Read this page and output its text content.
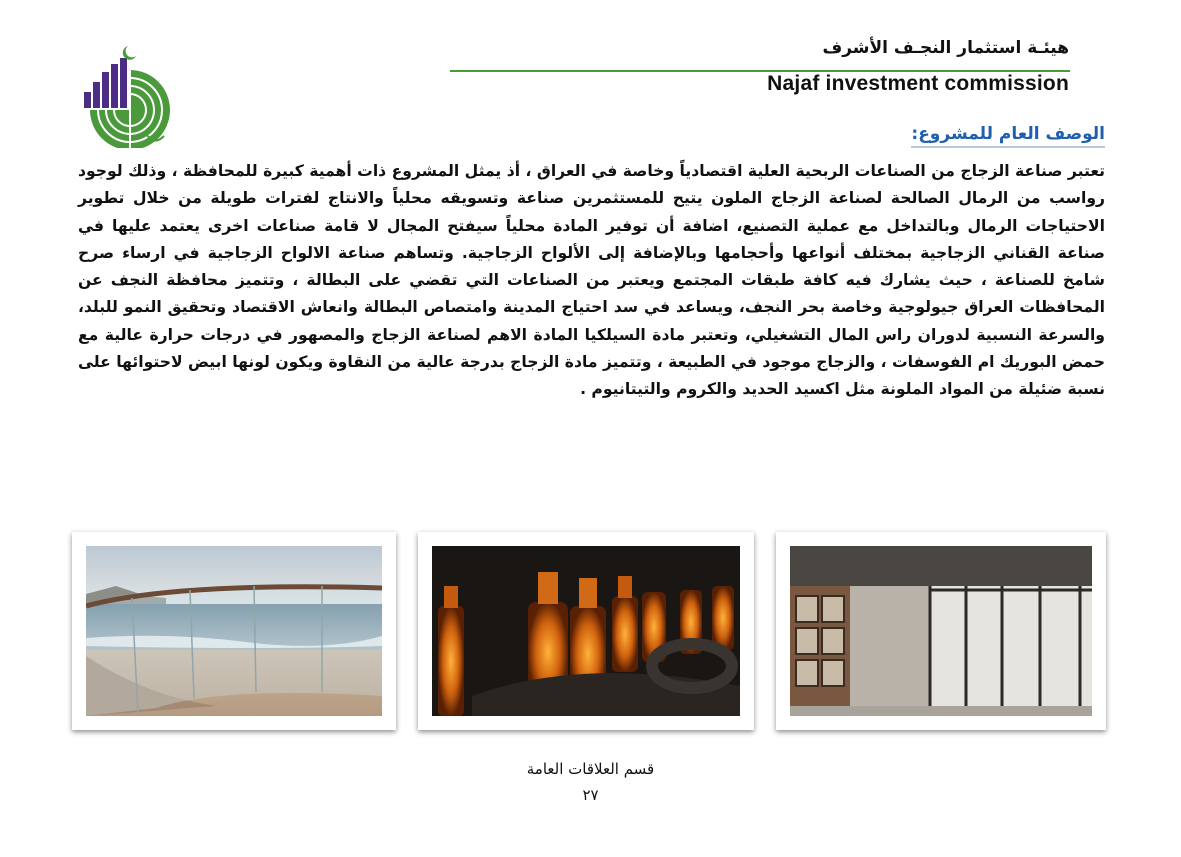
هيئـة استثمار النجـف الأشرف
Najaf investment commission
الوصف العام للمشروع:
تعتبر صناعة الزجاج من الصناعات الربحية العلية اقتصادياً وخاصة في العراق ، أذ يمثل المشروع ذات أهمية كبيرة للمحافظة ، وذلك لوجود رواسب من الرمال الصالحة لصناعة الزجاج الملون يتيح للمستثمرين صناعة وتسويقه محلياً والانتاج لفترات طويلة من خلال تطوير الاحتياجات الرمال وبالتداخل مع عملية التصنيع، اضافة أن توفير المادة محلياً سيفتح المجال لا قامة صناعات اخرى يعتمد عليها في صناعة القناني الزجاجية بمختلف أنواعها وأحجامها وبالإضافة إلى الألواح الزجاجية. وتساهم صناعة الالواح الزجاجية في ارساء صرح شامخ للصناعة ، حيث يشارك فيه كافة طبقات المجتمع ويعتبر من الصناعات التي تقضي على البطالة ، وتتميز محافظة النجف عن المحافظات العراق جيولوجية وخاصة بحر النجف، ويساعد في سد احتياج المدينة وامتصاص البطالة وانعاش الاقتصاد وتحقيق النمو للبلد، والسرعة النسبية لدوران راس المال التشغيلي، وتعتبر مادة السيلكيا المادة الاهم لصناعة الزجاج والمصهور في درجات حرارة عالية مع حمض البوريك ام الفوسفات ، والزجاج موجود في الطبيعة ، وتتميز مادة الزجاج بدرجة عالية من النقاوة ويكون لونها ابيض لاحتوائها على نسبة ضئيلة من المواد الملونة مثل اكسيد الحديد والكروم والتيتانيوم .
قسم العلاقات العامة
٢٧
